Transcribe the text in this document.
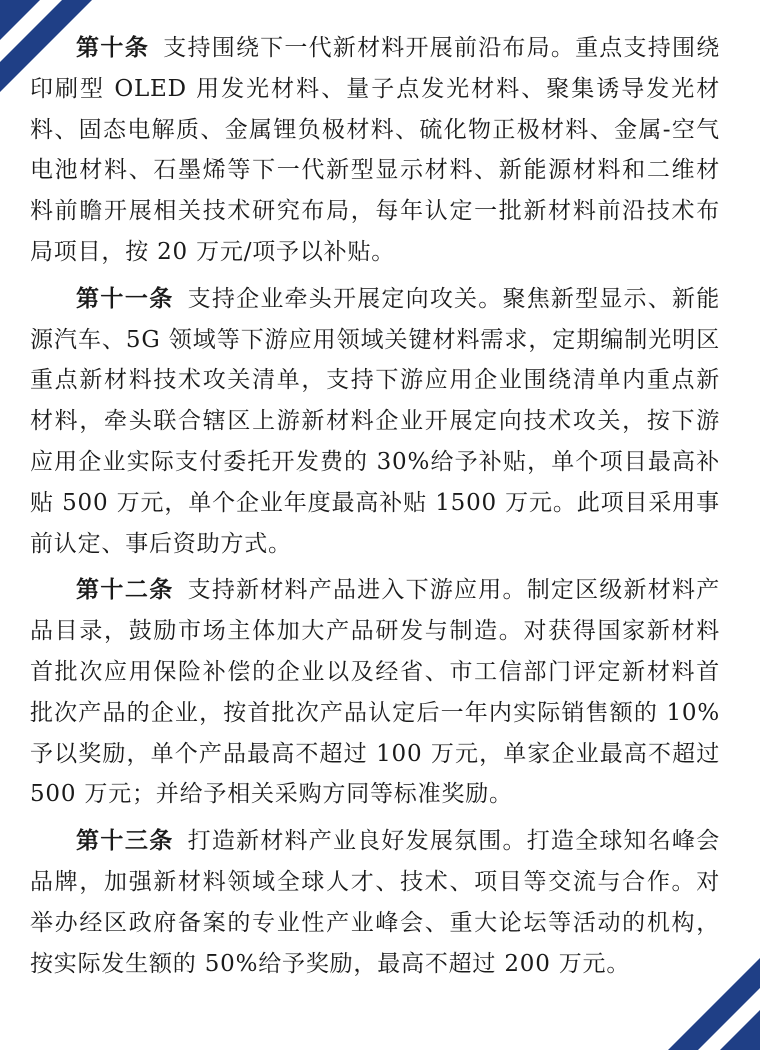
第十条 支持围绕下一代新材料开展前沿布局。重点支持围绕印刷型 OLED 用发光材料、量子点发光材料、聚集诱导发光材料、固态电解质、金属锂负极材料、硫化物正极材料、金属-空气电池材料、石墨烯等下一代新型显示材料、新能源材料和二维材料前瞻开展相关技术研究布局，每年认定一批新材料前沿技术布局项目，按 20 万元/项予以补贴。

第十一条 支持企业牵头开展定向攻关。聚焦新型显示、新能源汽车、5G 领域等下游应用领域关键材料需求，定期编制光明区重点新材料技术攻关清单，支持下游应用企业围绕清单内重点新材料，牵头联合辖区上游新材料企业开展定向技术攻关，按下游应用企业实际支付委托开发费的 30%给予补贴，单个项目最高补贴 500 万元，单个企业年度最高补贴 1500 万元。此项目采用事前认定、事后资助方式。

第十二条 支持新材料产品进入下游应用。制定区级新材料产品目录，鼓励市场主体加大产品研发与制造。对获得国家新材料首批次应用保险补偿的企业以及经省、市工信部门评定新材料首批次产品的企业，按首批次产品认定后一年内实际销售额的 10%予以奖励，单个产品最高不超过 100 万元，单家企业最高不超过 500 万元；并给予相关采购方同等标准奖励。

第十三条 打造新材料产业良好发展氛围。打造全球知名峰会品牌，加强新材料领域全球人才、技术、项目等交流与合作。对举办经区政府备案的专业性产业峰会、重大论坛等活动的机构，按实际发生额的 50%给予奖励，最高不超过 200 万元。
